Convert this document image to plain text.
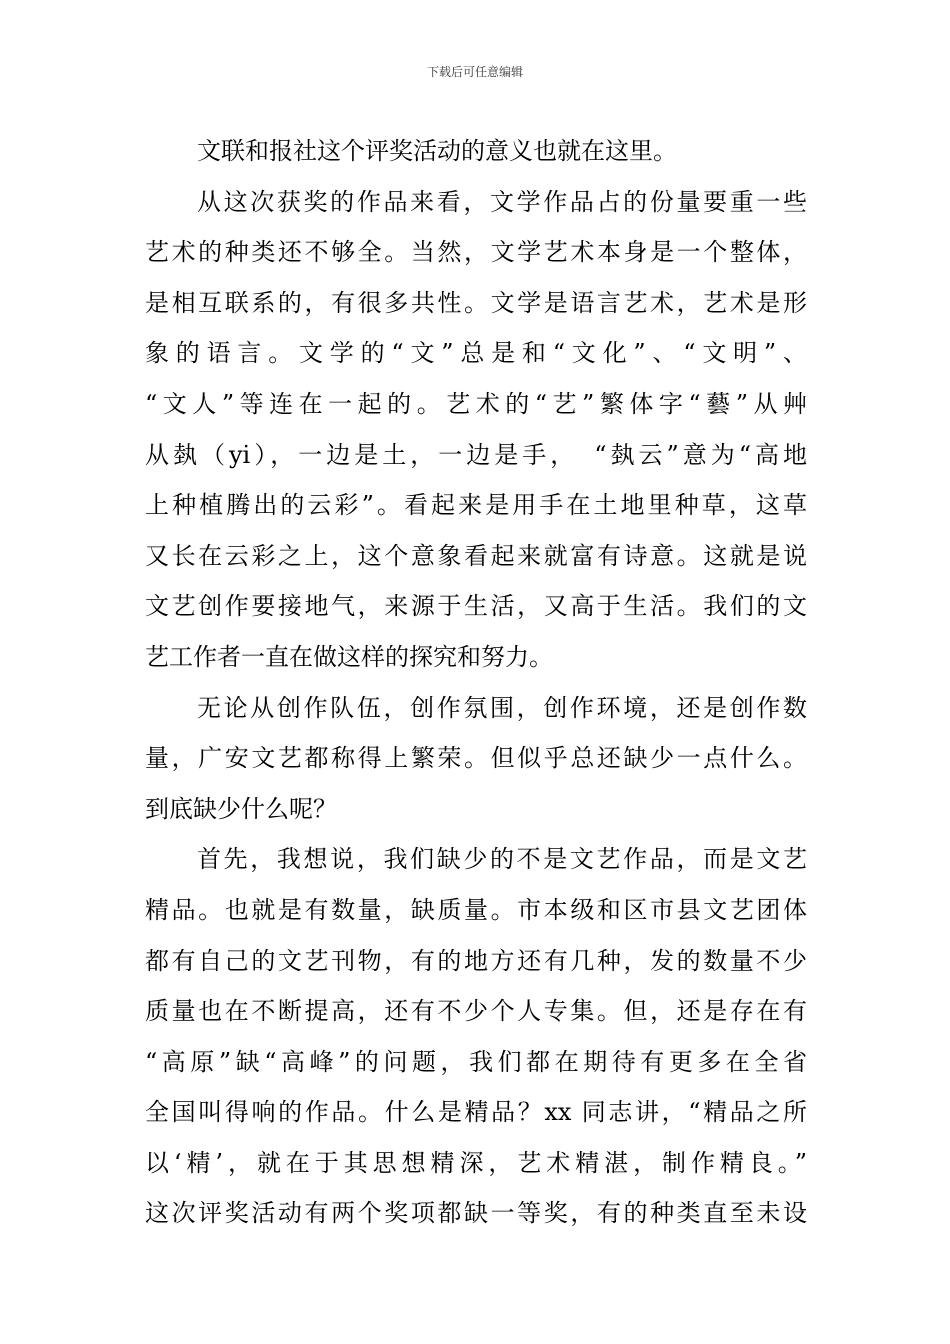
下载后可任意编辑
文联和报社这个评奖活动的意义也就在这里。
从这次获奖的作品来看，文学作品占的份量要重一些
艺术的种类还不够全。当然，文学艺术本身是一个整体，
是相互联系的，有很多共性。文学是语言艺术，艺术是形
象的语言。文学的“文”总是和“文化”、“文明”、
“文人”等连在一起的。艺术的“艺”繁体字“藝”从艸
从埶（yi），一边是土，一边是手，　“埶云”意为“高地
上种植腾出的云彩”。看起来是用手在土地里种草，这草
又长在云彩之上，这个意象看起来就富有诗意。这就是说
文艺创作要接地气，来源于生活，又高于生活。我们的文
艺工作者一直在做这样的探究和努力。
无论从创作队伍，创作氛围，创作环境，还是创作数
量，广安文艺都称得上繁荣。但似乎总还缺少一点什么。
到底缺少什么呢？
首先，我想说，我们缺少的不是文艺作品，而是文艺
精品。也就是有数量，缺质量。市本级和区市县文艺团体
都有自己的文艺刊物，有的地方还有几种，发的数量不少
质量也在不断提高，还有不少个人专集。但，还是存在有
“高原”缺“高峰”的问题，我们都在期待有更多在全省
全国叫得响的作品。什么是精品？xx 同志讲，“精品之所
以‘精’，就在于其思想精深，艺术精湛，制作精良。”
这次评奖活动有两个奖项都缺一等奖，有的种类直至未设
